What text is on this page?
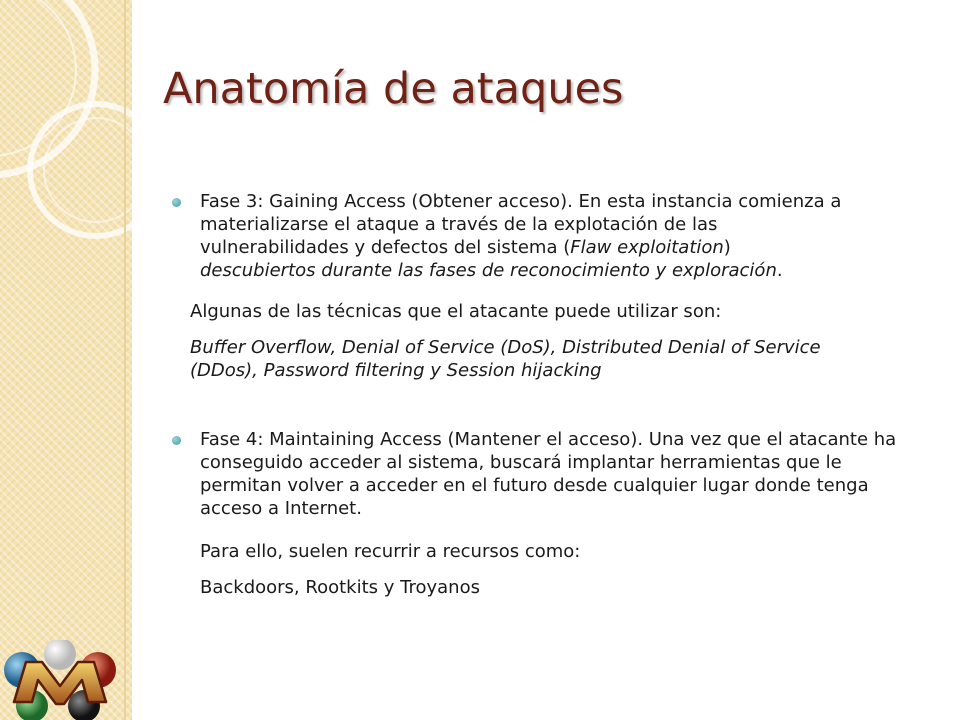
Anatomía de ataques

Fase 3: Gaining Access (Obtener acceso). En esta instancia comienza a materializarse el ataque a través de la explotación de las vulnerabilidades y defectos del sistema (Flaw exploitation) descubiertos durante las fases de reconocimiento y exploración.

Algunas de las técnicas que el atacante puede utilizar son:

Buffer Overflow, Denial of Service (DoS), Distributed Denial of Service (DDos), Password filtering y Session hijacking

Fase 4: Maintaining Access (Mantener el acceso). Una vez que el atacante ha conseguido acceder al sistema, buscará implantar herramientas que le permitan volver a acceder en el futuro desde cualquier lugar donde tenga acceso a Internet.

Para ello, suelen recurrir a recursos como:

Backdoors, Rootkits y Troyanos
